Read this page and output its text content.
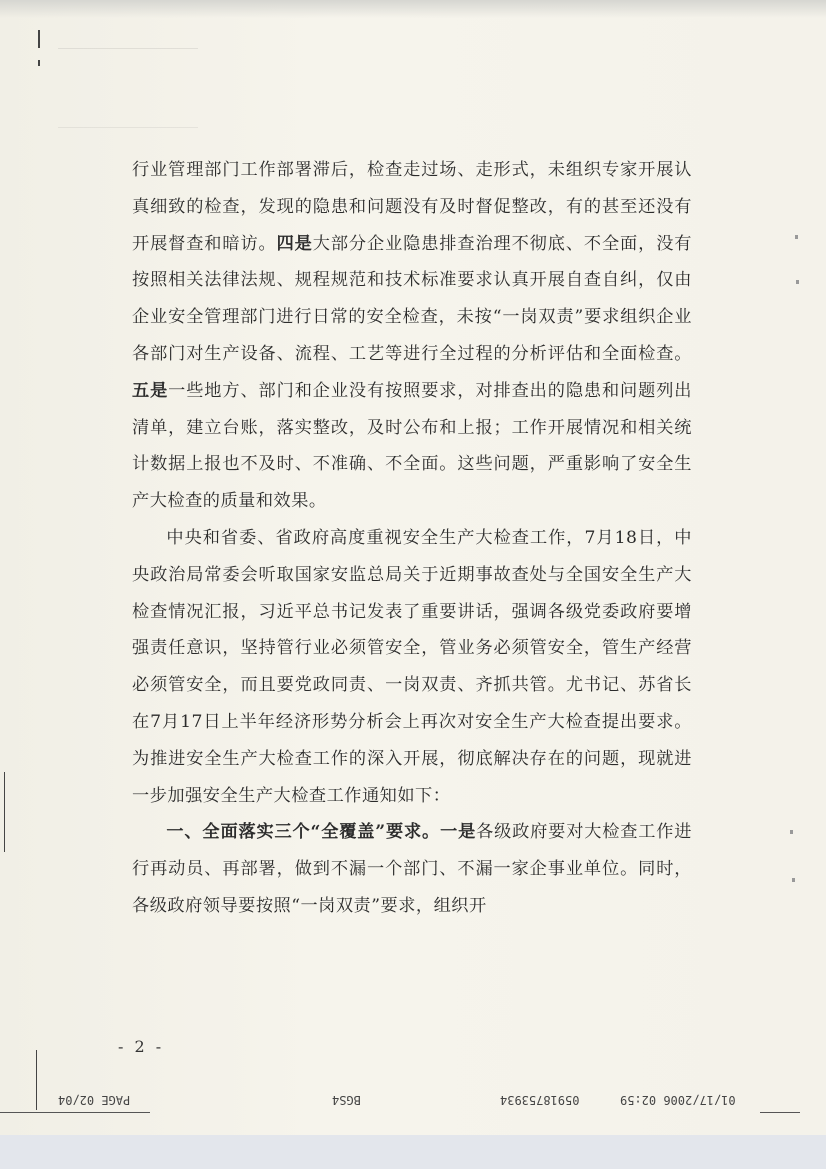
行业管理部门工作部署滞后，检查走过场、走形式，未组织专家开展认真细致的检查，发现的隐患和问题没有及时督促整改，有的甚至还没有开展督查和暗访。四是大部分企业隐患排查治理不彻底、不全面，没有按照相关法律法规、规程规范和技术标准要求认真开展自查自纠，仅由企业安全管理部门进行日常的安全检查，未按“一岗双责”要求组织企业各部门对生产设备、流程、工艺等进行全过程的分析评估和全面检查。五是一些地方、部门和企业没有按照要求，对排查出的隐患和问题列出清单，建立台账，落实整改，及时公布和上报；工作开展情况和相关统计数据上报也不及时、不准确、不全面。这些问题，严重影响了安全生产大检查的质量和效果。

中央和省委、省政府高度重视安全生产大检查工作，7月18日，中央政治局常委会听取国家安监总局关于近期事故查处与全国安全生产大检查情况汇报，习近平总书记发表了重要讲话，强调各级党委政府要增强责任意识，坚持管行业必须管安全，管业务必须管安全，管生产经营必须管安全，而且要党政同责、一岗双责、齐抓共管。尤书记、苏省长在7月17日上半年经济形势分析会上再次对安全生产大检查提出要求。为推进安全生产大检查工作的深入开展，彻底解决存在的问题，现就进一步加强安全生产大检查工作通知如下：

一、全面落实三个“全覆盖”要求。一是各级政府要对大检查工作进行再动员、再部署，做到不漏一个部门、不漏一家企事业单位。同时，各级政府领导要按照“一岗双责”要求，组织开

- 2 -
01/17/2006 02:59
05918753934
BGS4
PAGE 02/04
